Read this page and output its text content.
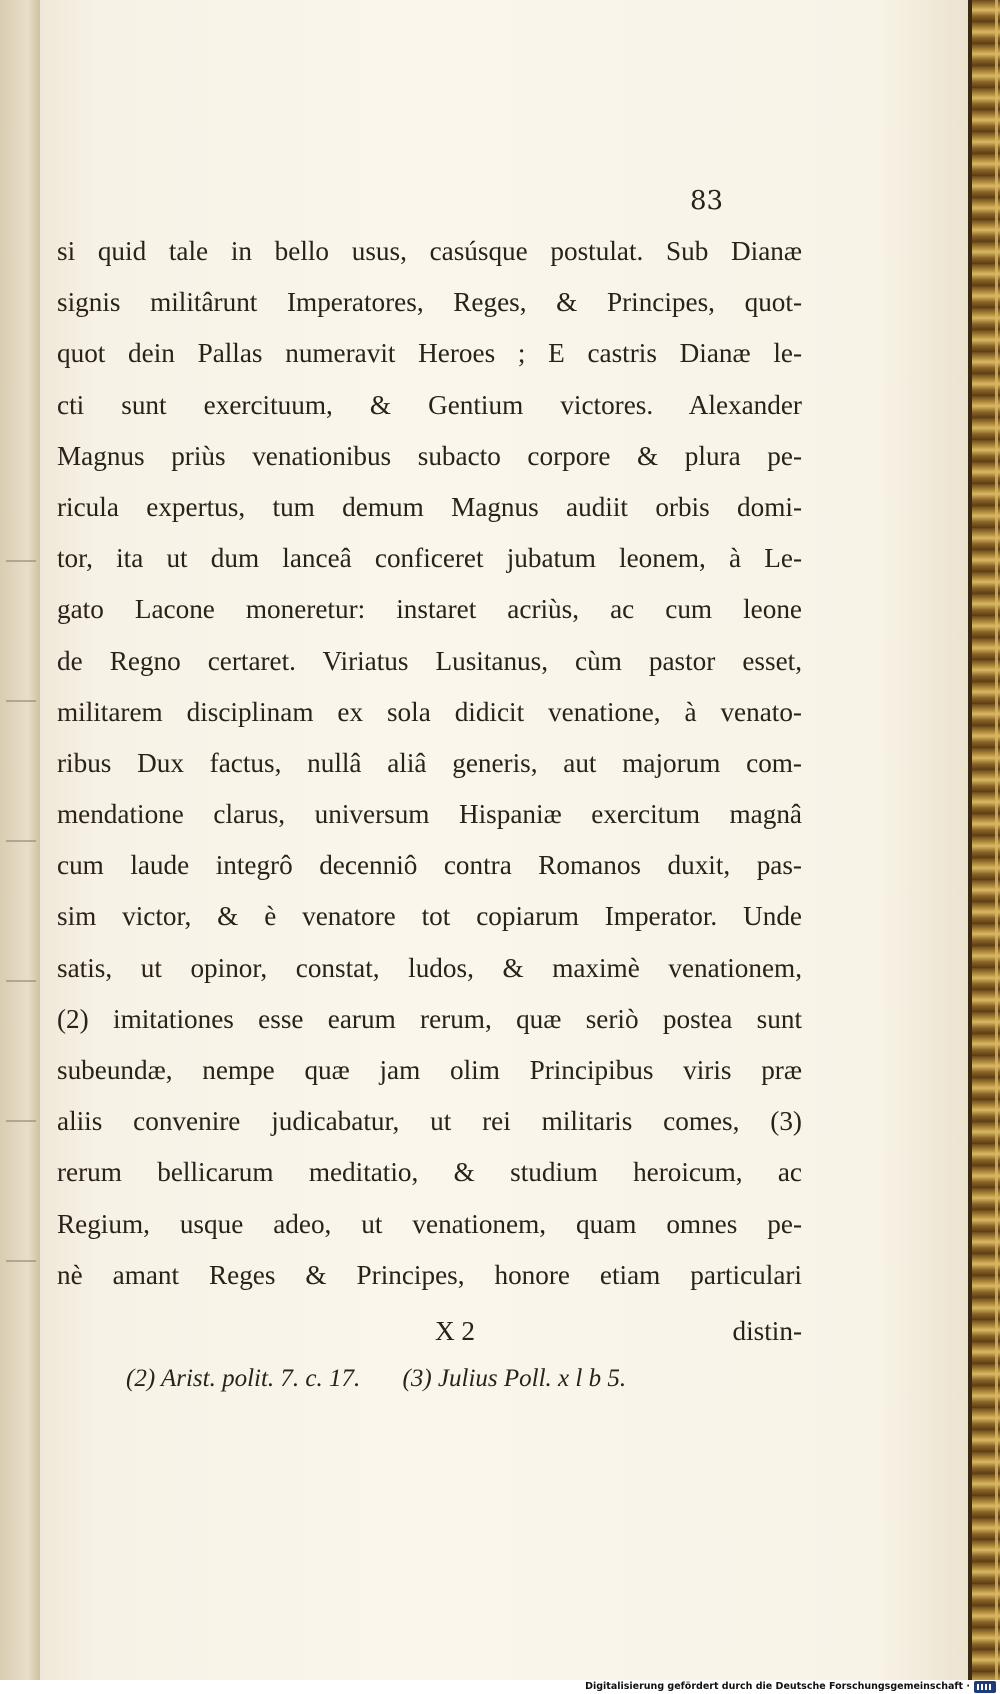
83
si quid tale in bello usus, casúsque postulat. Sub Dianæ
signis militârunt Imperatores, Reges, & Principes, quot-
quot dein Pallas numeravit Heroes ; E castris Dianæ le-
cti sunt exercituum, & Gentium victores. Alexander
Magnus priùs venationibus subacto corpore & plura pe-
ricula expertus, tum demum Magnus audiit orbis domi-
tor, ita ut dum lanceâ conficeret jubatum leonem, à Le-
gato Lacone moneretur: instaret acriùs, ac cum leone
de Regno certaret. Viriatus Lusitanus, cùm pastor esset,
militarem disciplinam ex sola didicit venatione, à venato-
ribus Dux factus, nullâ aliâ generis, aut majorum com-
mendatione clarus, universum Hispaniæ exercitum magnâ
cum laude integrô decenniô contra Romanos duxit, pas-
sim victor, & è venatore tot copiarum Imperator. Unde
satis, ut opinor, constat, ludos, & maximè venationem,
(2) imitationes esse earum rerum, quæ seriò postea sunt
subeundæ, nempe quæ jam olim Principibus viris præ
aliis convenire judicabatur, ut rei militaris comes, (3)
rerum bellicarum meditatio, & studium heroicum, ac
Regium, usque adeo, ut venationem, quam omnes pe-
nè amant Reges & Principes, honore etiam particulari
X 2	distin-
(2) Arist. polit. 7. c. 17. (3) Julius Poll. x l b 5.
Digitalisierung gefördert durch die Deutsche Forschungsgemeinschaft ·
